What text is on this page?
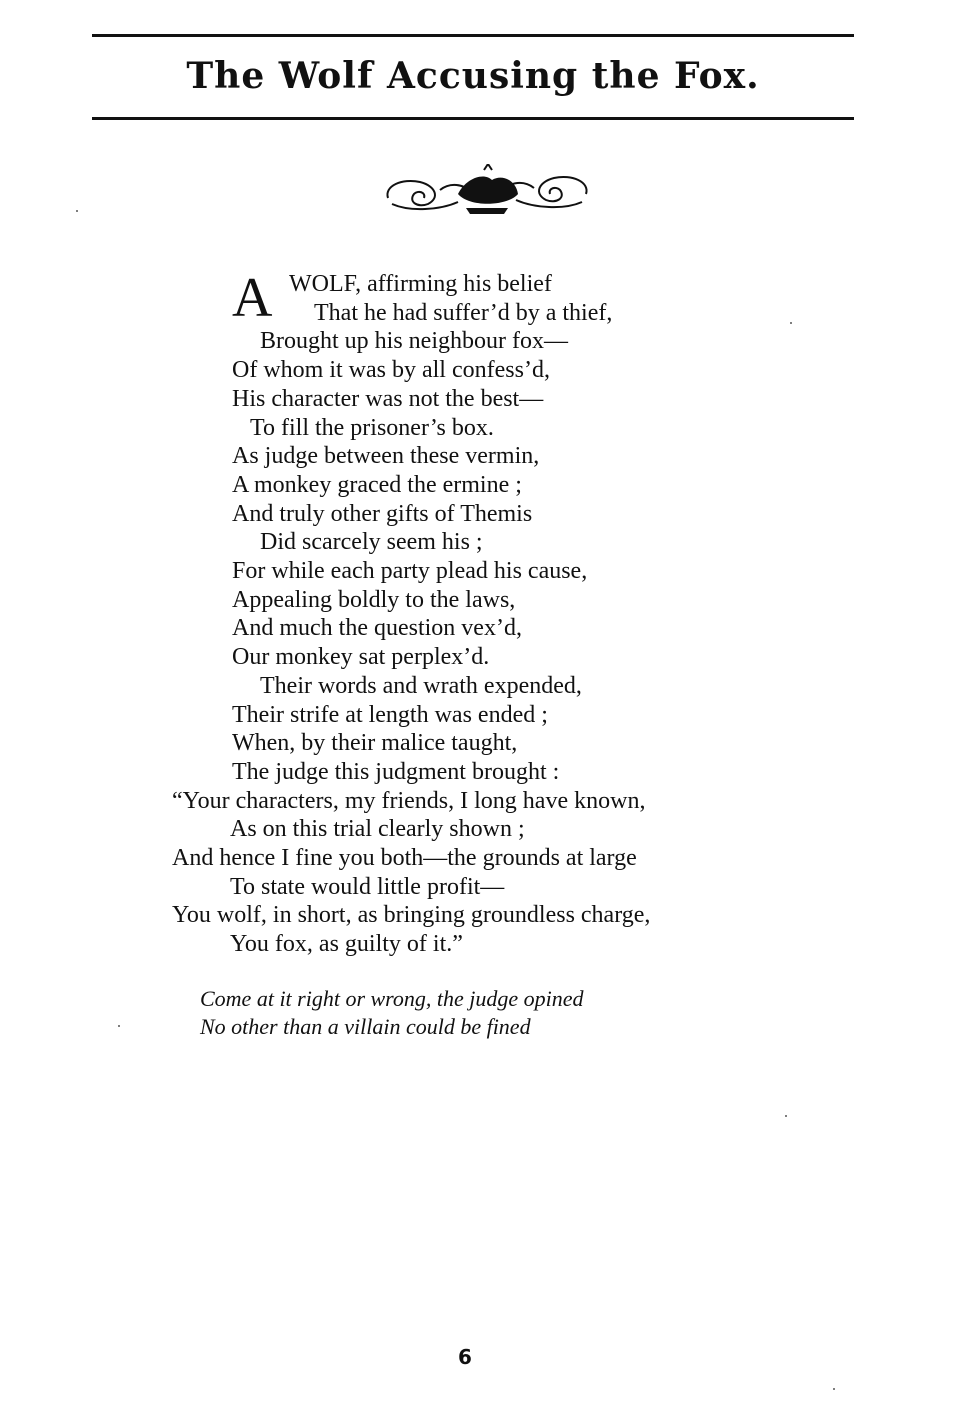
The Wolf Accusing the Fox.
A WOLF, affirming his belief
That he had suffer’d by a thief,
Brought up his neighbour fox—
Of whom it was by all confess’d,
His character was not the best—
To fill the prisoner’s box.
As judge between these vermin,
A monkey graced the ermine ;
And truly other gifts of Themis
Did scarcely seem his ;
For while each party plead his cause,
Appealing boldly to the laws,
And much the question vex’d,
Our monkey sat perplex’d.
Their words and wrath expended,
Their strife at length was ended ;
When, by their malice taught,
The judge this judgment brought :
“Your characters, my friends, I long have known,
As on this trial clearly shown ;
And hence I fine you both—the grounds at large
To state would little profit—
You wolf, in short, as bringing groundless charge,
You fox, as guilty of it.”
Come at it right or wrong, the judge opined
No other than a villain could be fined
6
